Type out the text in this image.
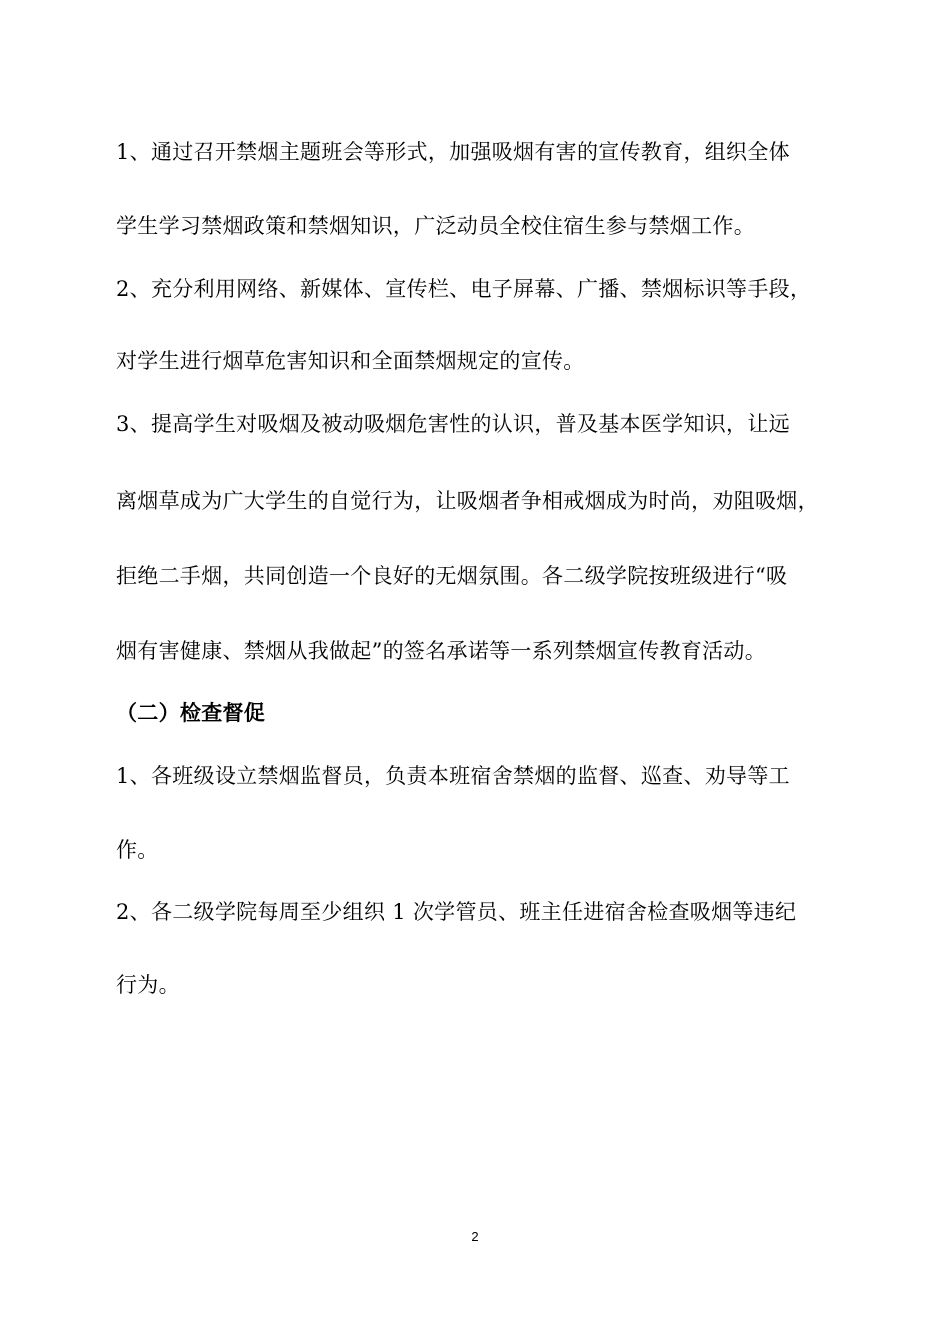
1、通过召开禁烟主题班会等形式，加强吸烟有害的宣传教育，组织全体
学生学习禁烟政策和禁烟知识，广泛动员全校住宿生参与禁烟工作。
2、充分利用网络、新媒体、宣传栏、电子屏幕、广播、禁烟标识等手段，
对学生进行烟草危害知识和全面禁烟规定的宣传。
3、提高学生对吸烟及被动吸烟危害性的认识，普及基本医学知识，让远
离烟草成为广大学生的自觉行为，让吸烟者争相戒烟成为时尚，劝阻吸烟，
拒绝二手烟，共同创造一个良好的无烟氛围。各二级学院按班级进行“吸
烟有害健康、禁烟从我做起”的签名承诺等一系列禁烟宣传教育活动。
（二）检查督促
1、各班级设立禁烟监督员，负责本班宿舍禁烟的监督、巡查、劝导等工
作。
2、各二级学院每周至少组织 1 次学管员、班主任进宿舍检查吸烟等违纪
行为。
2
